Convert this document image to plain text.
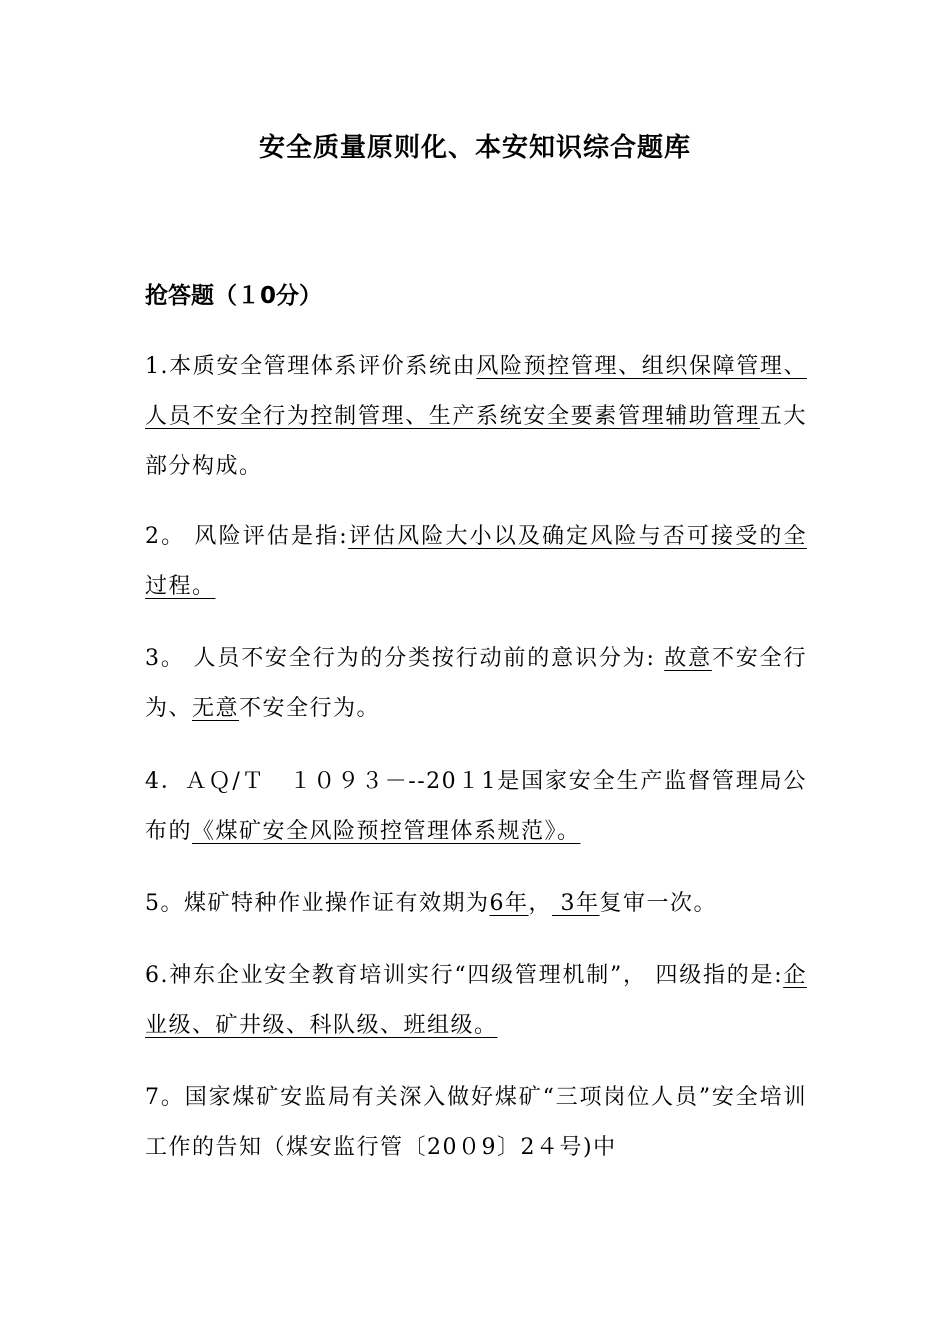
安全质量原则化、本安知识综合题库
抢答题（１0分）
1.本质安全管理体系评价系统由风险预控管理、组织保障管理、人员不安全行为控制管理、生产系统安全要素管理辅助管理五大部分构成。
2。 风险评估是指:评估风险大小以及确定风险与否可接受的全过程。
3。 人员不安全行为的分类按行动前的意识分为: 故意不安全行为、无意不安全行为。
4．ＡＱ/Ｔ　１０９３－--20１1是国家安全生产监督管理局公布的《煤矿安全风险预控管理体系规范》。
5。煤矿特种作业操作证有效期为6年， 3年复审一次。
6.神东企业安全教育培训实行“四级管理机制”， 四级指的是:企业级、矿井级、科队级、班组级。
7。国家煤矿安监局有关深入做好煤矿“三项岗位人员”安全培训工作的告知（煤安监行管〔20０9〕2４号)中
